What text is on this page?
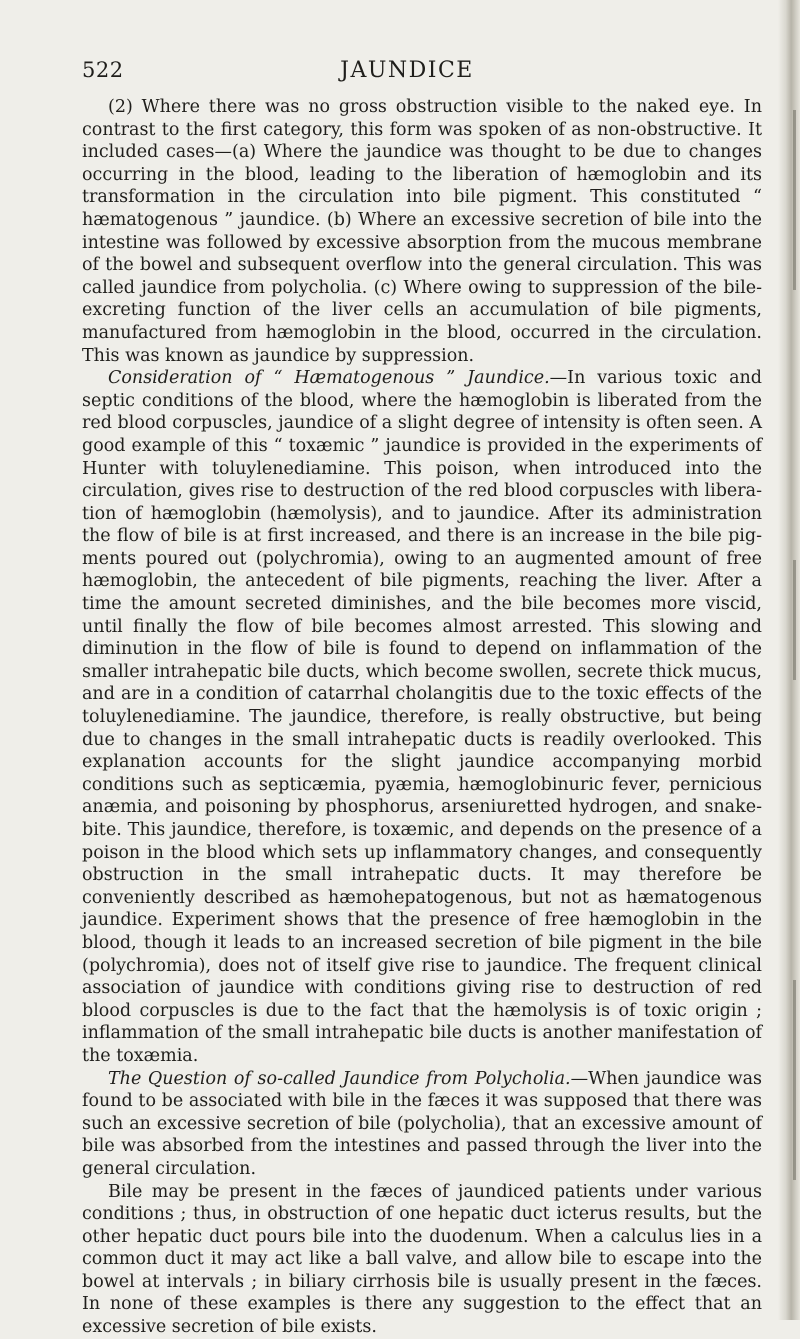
522	JAUNDICE

(2) Where there was no gross obstruction visible to the naked eye. In contrast to the first category, this form was spoken of as non-obstructive. It included cases—(a) Where the jaundice was thought to be due to changes occurring in the blood, leading to the liberation of hæmoglobin and its transformation in the circulation into bile pigment. This constituted “ hæmatogenous ” jaundice. (b) Where an excessive secretion of bile into the intestine was followed by excessive absorption from the mucous membrane of the bowel and subsequent overflow into the general circulation. This was called jaundice from polycholia. (c) Where owing to suppression of the bile-excreting function of the liver cells an accumulation of bile pigments, manufactured from hæmoglobin in the blood, occurred in the circulation. This was known as jaundice by suppression.

Consideration of “ Hæmatogenous ” Jaundice.—In various toxic and septic conditions of the blood, where the hæmoglobin is liberated from the red blood corpuscles, jaundice of a slight degree of intensity is often seen. A good example of this “ toxæmic ” jaundice is provided in the experiments of Hunter with toluylenediamine. This poison, when introduced into the circulation, gives rise to destruction of the red blood corpuscles with liberation of hæmoglobin (hæmolysis), and to jaundice. After its administration the flow of bile is at first increased, and there is an increase in the bile pigments poured out (polychromia), owing to an augmented amount of free hæmoglobin, the antecedent of bile pigments, reaching the liver. After a time the amount secreted diminishes, and the bile becomes more viscid, until finally the flow of bile becomes almost arrested. This slowing and diminution in the flow of bile is found to depend on inflammation of the smaller intrahepatic bile ducts, which become swollen, secrete thick mucus, and are in a condition of catarrhal cholangitis due to the toxic effects of the toluylenediamine. The jaundice, therefore, is really obstructive, but being due to changes in the small intrahepatic ducts is readily overlooked. This explanation accounts for the slight jaundice accompanying morbid conditions such as septicæmia, pyæmia, hæmoglobinuric fever, pernicious anæmia, and poisoning by phosphorus, arseniuretted hydrogen, and snake-bite. This jaundice, therefore, is toxæmic, and depends on the presence of a poison in the blood which sets up inflammatory changes, and consequently obstruction in the small intrahepatic ducts. It may therefore be conveniently described as hæmohepatogenous, but not as hæmatogenous jaundice. Experiment shows that the presence of free hæmoglobin in the blood, though it leads to an increased secretion of bile pigment in the bile (polychromia), does not of itself give rise to jaundice. The frequent clinical association of jaundice with conditions giving rise to destruction of red blood corpuscles is due to the fact that the hæmolysis is of toxic origin ; inflammation of the small intrahepatic bile ducts is another manifestation of the toxæmia.

The Question of so-called Jaundice from Polycholia.—When jaundice was found to be associated with bile in the fæces it was supposed that there was such an excessive secretion of bile (polycholia), that an excessive amount of bile was absorbed from the intestines and passed through the liver into the general circulation.

Bile may be present in the fæces of jaundiced patients under various conditions ; thus, in obstruction of one hepatic duct icterus results, but the other hepatic duct pours bile into the duodenum. When a calculus lies in a common duct it may act like a ball valve, and allow bile to escape into the bowel at intervals ; in biliary cirrhosis bile is usually present in the fæces. In none of these examples is there any suggestion to the effect that an excessive secretion of bile exists.
